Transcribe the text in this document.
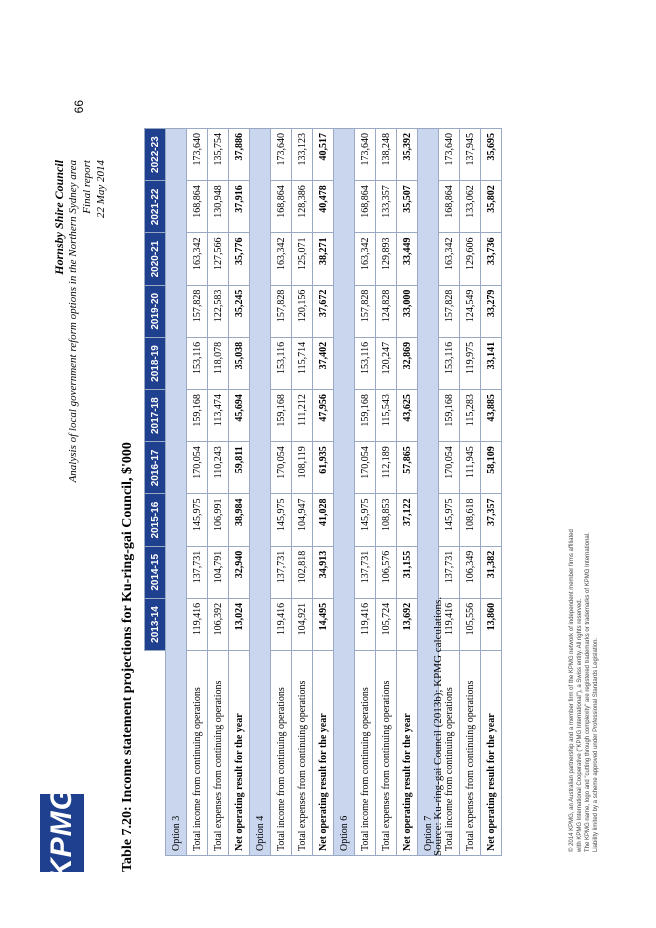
KPMG
Hornsby Shire Council Analysis of local government reform options in the Northern Sydney area Final report 22 May 2014
66
Table 7.20: Income statement projections for Ku-ring-gai Council, $'000
	2013-14	2014-15	2015-16	2016-17	2017-18	2018-19	2019-20	2020-21	2021-22	2022-23
Option 3										
Total income from continuing operations	119,416	137,731	145,975	170,054	159,168	153,116	157,828	163,342	168,864	173,640
Total expenses from continuing operations	106,392	104,791	106,991	110,243	113,474	118,078	122,583	127,566	130,948	135,754
Net operating result for the year	13,024	32,940	38,984	59,811	45,694	35,038	35,245	35,776	37,916	37,886
Option 4										
Total income from continuing operations	119,416	137,731	145,975	170,054	159,168	153,116	157,828	163,342	168,864	173,640
Total expenses from continuing operations	104,921	102,818	104,947	108,119	111,212	115,714	120,156	125,071	128,386	133,123
Net operating result for the year	14,495	34,913	41,028	61,935	47,956	37,402	37,672	38,271	40,478	40,517
Option 6										
Total income from continuing operations	119,416	137,731	145,975	170,054	159,168	153,116	157,828	163,342	168,864	173,640
Total expenses from continuing operations	105,724	106,576	108,853	112,189	115,543	120,247	124,828	129,893	133,357	138,248
Net operating result for the year	13,692	31,155	37,122	57,865	43,625	32,869	33,000	33,449	35,507	35,392
Option 7										
Total income from continuing operations	119,416	137,731	145,975	170,054	159,168	153,116	157,828	163,342	168,864	173,640
Total expenses from continuing operations	105,556	106,349	108,618	111,945	115,283	119,975	124,549	129,606	133,062	137,945
Net operating result for the year	13,860	31,382	37,357	58,109	43,885	33,141	33,279	33,736	35,802	35,695
Source: Ku-ring-gai Council (2013b); KPMG calculations.	© 2014 KPMG, an Australian partnership and a member firm of the KPMG network of independent member firms affiliated with KPMG International Cooperative ("KPMG International"), a Swiss entity. All rights reserved. The KPMG name, logo and "cutting through complexity" are registered trademarks or trademarks of KPMG International. Liability limited by a scheme approved under Professional Standards Legislation.
